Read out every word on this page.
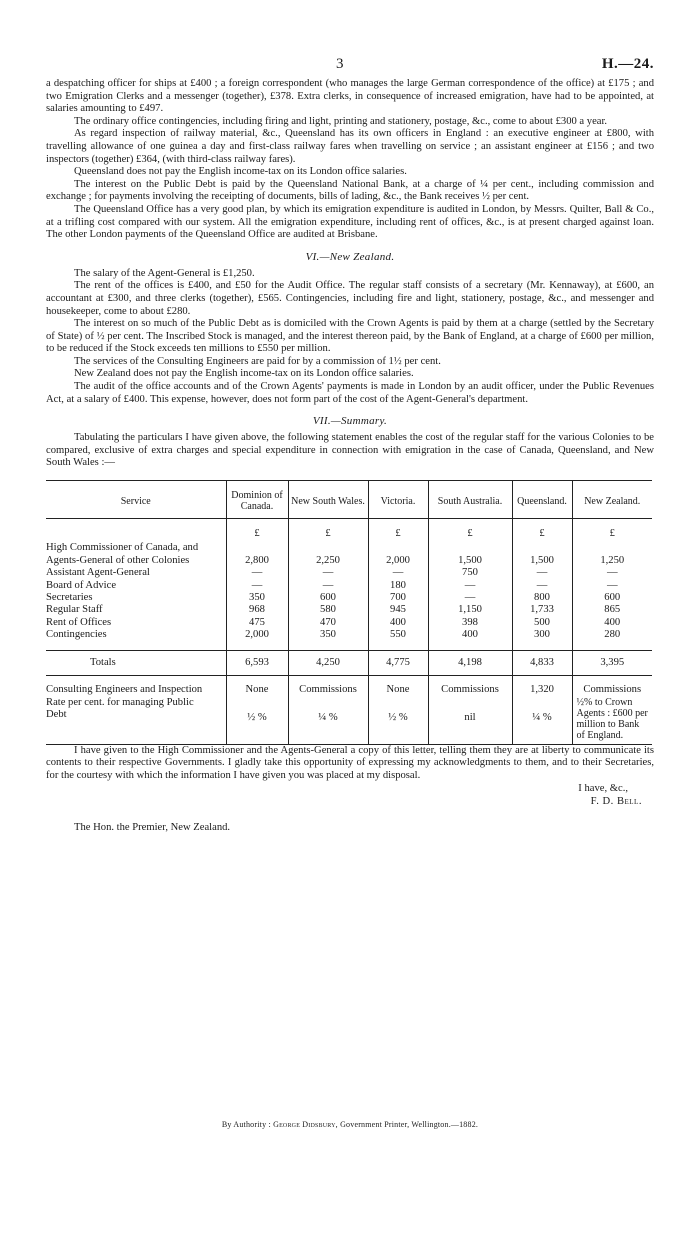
3	H.—24.

a despatching officer for ships at £400 ; a foreign correspondent (who manages the large German correspondence of the office) at £175 ; and two Emigration Clerks and a messenger (together), £378. Extra clerks, in consequence of increased emigration, have had to be appointed, at salaries amounting to £497.

The ordinary office contingencies, including firing and light, printing and stationery, postage, &c., come to about £300 a year.

As regard inspection of railway material, &c., Queensland has its own officers in England : an executive engineer at £800, with travelling allowance of one guinea a day and first-class railway fares when travelling on service ; an assistant engineer at £156 ; and two inspectors (together) £364, (with third-class railway fares).

Queensland does not pay the English income-tax on its London office salaries.

The interest on the Public Debt is paid by the Queensland National Bank, at a charge of ¼ per cent., including commission and exchange ; for payments involving the receipting of documents, bills of lading, &c., the Bank receives ½ per cent.

The Queensland Office has a very good plan, by which its emigration expenditure is audited in London, by Messrs. Quilter, Ball & Co., at a trifling cost compared with our system. All the emigration expenditure, including rent of offices, &c., is at present charged against loan. The other London payments of the Queensland Office are audited at Brisbane.

VI.—New Zealand.

The salary of the Agent-General is £1,250.

The rent of the offices is £400, and £50 for the Audit Office. The regular staff consists of a secretary (Mr. Kennaway), at £600, an accountant at £300, and three clerks (together), £565. Contingencies, including fire and light, stationery, postage, &c., and messenger and housekeeper, come to about £280.

The interest on so much of the Public Debt as is domiciled with the Crown Agents is paid by them at a charge (settled by the Secretary of State) of ½ per cent. The Inscribed Stock is managed, and the interest thereon paid, by the Bank of England, at a charge of £600 per million, to be reduced if the Stock exceeds ten millions to £550 per million.

The services of the Consulting Engineers are paid for by a commission of 1½ per cent.

New Zealand does not pay the English income-tax on its London office salaries.

The audit of the office accounts and of the Crown Agents' payments is made in London by an audit officer, under the Public Revenues Act, at a salary of £400. This expense, however, does not form part of the cost of the Agent-General's department.

VII.—Summary.

Tabulating the particulars I have given above, the following statement enables the cost of the regular staff for the various Colonies to be compared, exclusive of extra charges and special expenditure in connection with emigration in the case of Canada, Queensland, and New South Wales :—

Service	Dominion of Canada.	New South Wales.	Victoria.	South Australia.	Queensland.	New Zealand.
	£	£	£	£	£	£
High Commissioner of Canada, and Agents-General of other Colonies	2,800	2,250	2,000	1,500	1,500	1,250
Assistant Agent-General	—	—	—	750	—	—
Board of Advice	—	—	180	—	—	—
Secretaries	350	600	700	—	800	600
Regular Staff	968	580	945	1,150	1,733	865
Rent of Offices	475	470	400	398	500	400
Contingencies	2,000	350	550	400	300	280
Totals	6,593	4,250	4,775	4,198	4,833	3,395
Consulting Engineers and Inspection	None	Commissions	None	Commissions	1,320	Commissions
Rate per cent. for managing Public Debt	½ %	¼ %	½ %	nil	¼ %	½% to Crown Agents : £600 per million to Bank of England.

I have given to the High Commissioner and the Agents-General a copy of this letter, telling them they are at liberty to communicate its contents to their respective Governments. I gladly take this opportunity of expressing my acknowledgments to them, and to their Secretaries, for the courtesy with which the information I have given you was placed at my disposal.

I have, &c.,
F. D. Bell.
The Hon. the Premier, New Zealand.
By Authority : George Didsbury, Government Printer, Wellington.—1882.
